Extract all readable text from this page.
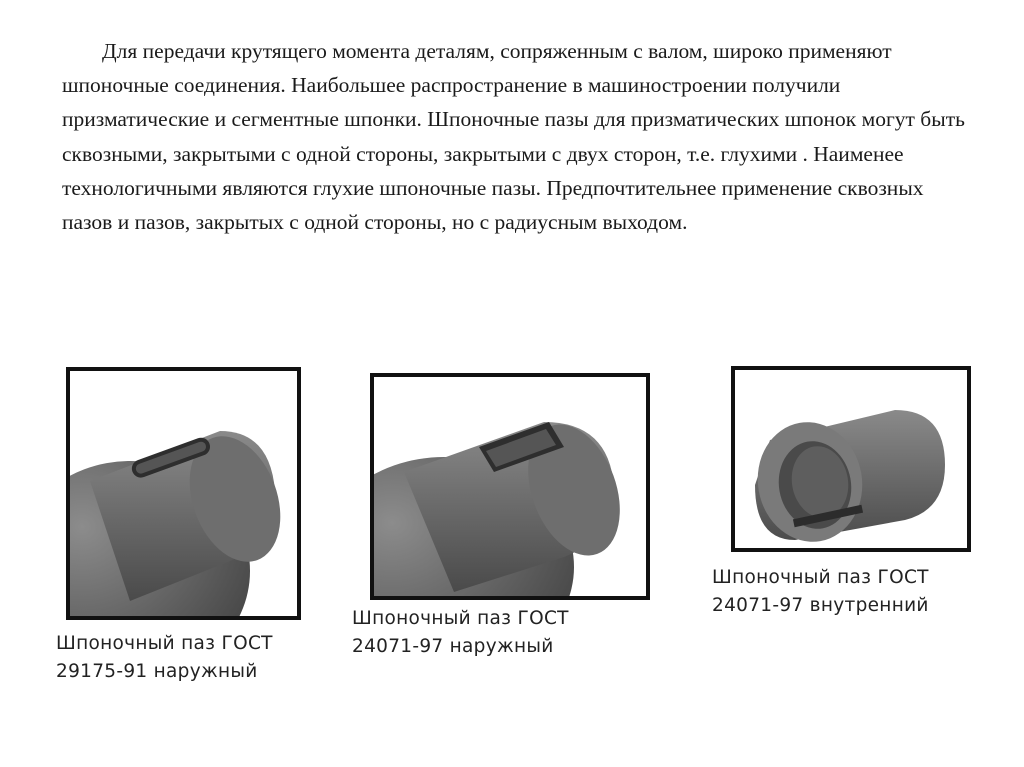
Для передачи крутящего момента деталям, сопряженным с валом, широко применяют шпоночные соединения. Наибольшее распространение в машиностроении получили призматические и сегментные шпонки. Шпоночные пазы для призматических шпонок могут быть сквозными, закрытыми с одной стороны, закрытыми с двух сторон, т.е. глухими . Наименее технологичными являются глухие шпоночные пазы. Предпочтительнее применение сквозных пазов и пазов, закрытых с одной стороны, но с радиусным выходом.

Шпоночный паз ГОСТ
29175-91 наружный
Шпоночный паз ГОСТ
24071-97 наружный
Шпоночный паз ГОСТ
24071-97 внутренний
